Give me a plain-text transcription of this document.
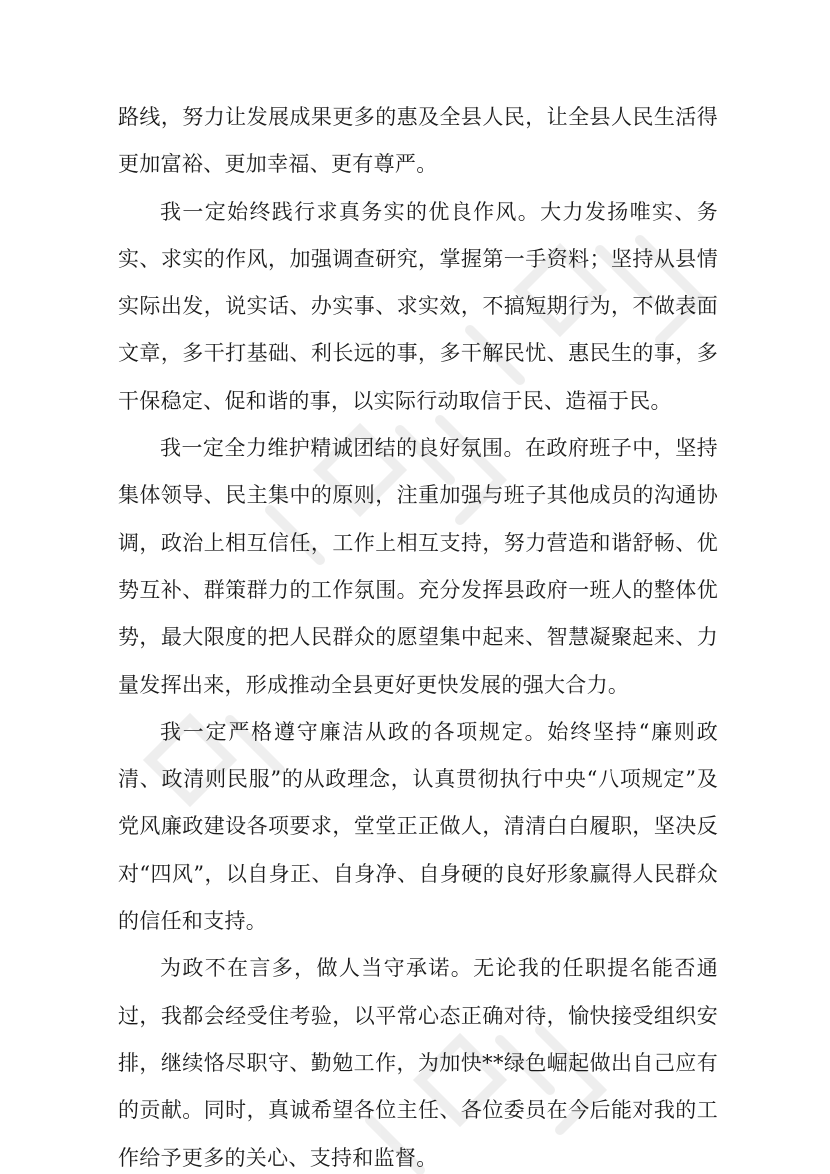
路线，努力让发展成果更多的惠及全县人民，让全县人民生活得更加富裕、更加幸福、更有尊严。

我一定始终践行求真务实的优良作风。大力发扬唯实、务实、求实的作风，加强调查研究，掌握第一手资料；坚持从县情实际出发，说实话、办实事、求实效，不搞短期行为，不做表面文章，多干打基础、利长远的事，多干解民忧、惠民生的事，多干保稳定、促和谐的事，以实际行动取信于民、造福于民。

我一定全力维护精诚团结的良好氛围。在政府班子中，坚持集体领导、民主集中的原则，注重加强与班子其他成员的沟通协调，政治上相互信任，工作上相互支持，努力营造和谐舒畅、优势互补、群策群力的工作氛围。充分发挥县政府一班人的整体优势，最大限度的把人民群众的愿望集中起来、智慧凝聚起来、力量发挥出来，形成推动全县更好更快发展的强大合力。

我一定严格遵守廉洁从政的各项规定。始终坚持“廉则政清、政清则民服”的从政理念，认真贯彻执行中央“八项规定”及党风廉政建设各项要求，堂堂正正做人，清清白白履职，坚决反对“四风”，以自身正、自身净、自身硬的良好形象赢得人民群众的信任和支持。

为政不在言多，做人当守承诺。无论我的任职提名能否通过，我都会经受住考验，以平常心态正确对待，愉快接受组织安排，继续恪尽职守、勤勉工作，为加快**绿色崛起做出自己应有的贡献。同时，真诚希望各位主任、各位委员在今后能对我的工作给予更多的关心、支持和监督。
